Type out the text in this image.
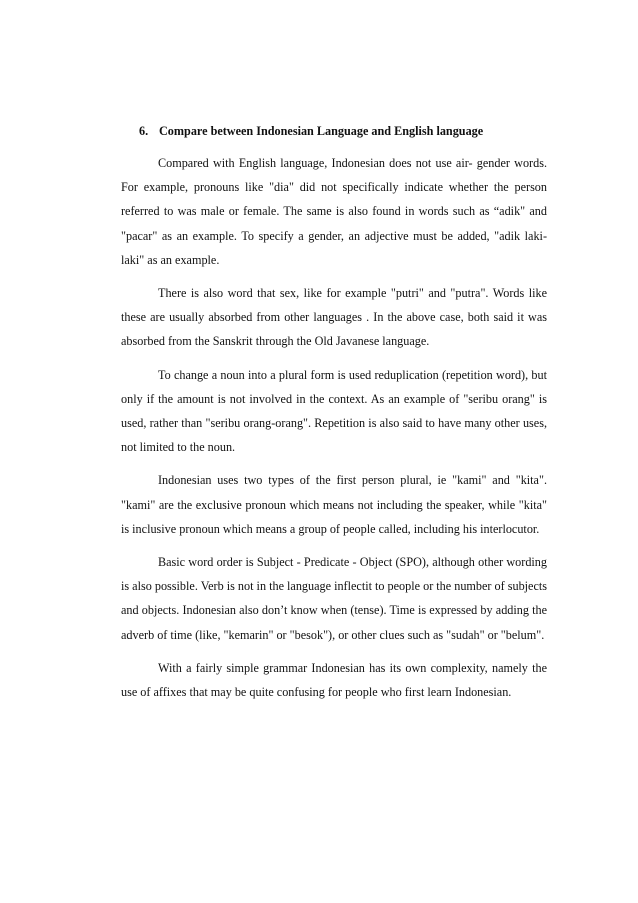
6. Compare between Indonesian Language and English language

Compared with English language, Indonesian does not use air- gender words. For example, pronouns like "dia" did not specifically indicate whether the person referred to was male or female. The same is also found in words such as “adik" and "pacar" as an example. To specify a gender, an adjective must be added, "adik laki-laki" as an example.

There is also word that sex, like for example "putri" and "putra". Words like these are usually absorbed from other languages . In the above case, both said it was absorbed from the Sanskrit through the Old Javanese language.

To change a noun into a plural form is used reduplication (repetition word), but only if the amount is not involved in the context. As an example of "seribu orang" is used, rather than "seribu orang-orang". Repetition is also said to have many other uses, not limited to the noun.

Indonesian uses two types of the first person plural, ie "kami" and "kita". "kami" are the exclusive pronoun which means not including the speaker, while "kita" is inclusive pronoun which means a group of people called, including his interlocutor.

Basic word order is Subject - Predicate - Object (SPO), although other wording is also possible. Verb is not in the language inflectit to people or the number of subjects and objects. Indonesian also don’t know when (tense). Time is expressed by adding the adverb of time (like, "kemarin" or "besok"), or other clues such as "sudah" or "belum".

With a fairly simple grammar Indonesian has its own complexity, namely the use of affixes that may be quite confusing for people who first learn Indonesian.
